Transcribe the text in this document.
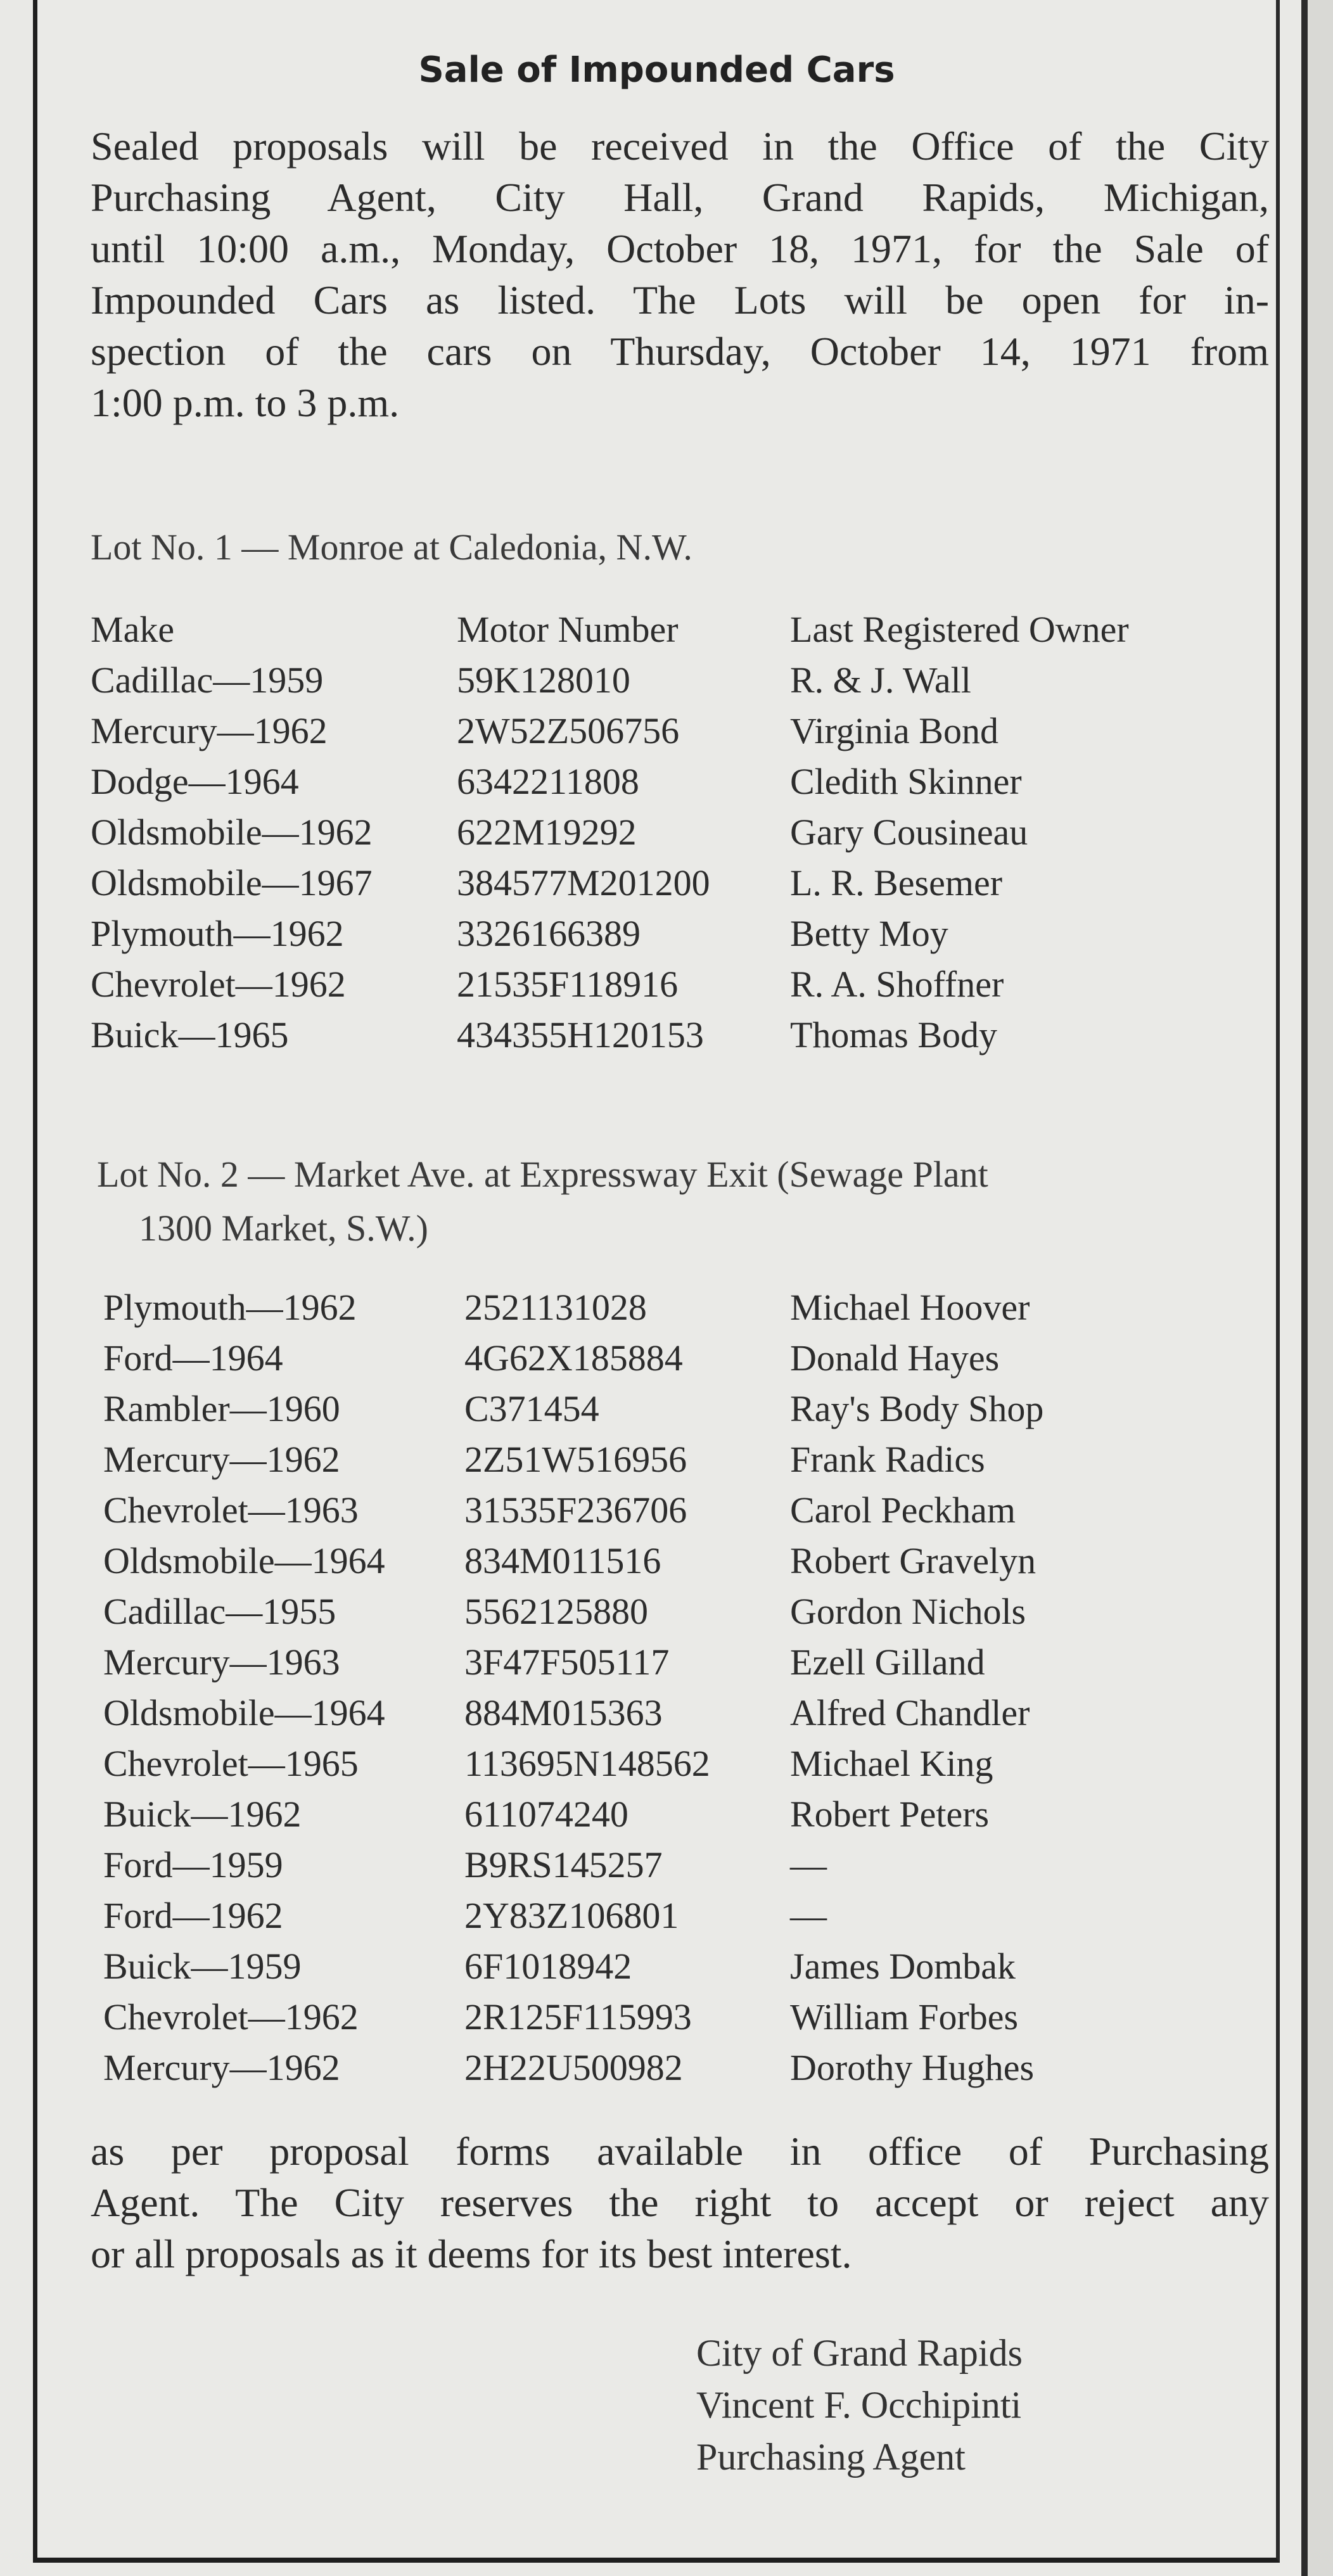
Sale of Impounded Cars
Sealed proposals will be received in the Office of the City
Purchasing Agent, City Hall, Grand Rapids, Michigan,
until 10:00 a.m., Monday, October 18, 1971, for the Sale of
Impounded Cars as listed. The Lots will be open for in-
spection of the cars on Thursday, October 14, 1971 from
1:00 p.m. to 3 p.m.
Lot No. 1 — Monroe at Caledonia, N.W.
Make	Motor Number	Last Registered Owner
Cadillac—1959	59K128010	R. & J. Wall
Mercury—1962	2W52Z506756	Virginia Bond
Dodge—1964	6342211808	Cledith Skinner
Oldsmobile—1962 622M19292	Gary Cousineau
Oldsmobile—1967 384577M201200 L. R. Besemer
Plymouth—1962	3326166389	Betty Moy
Chevrolet—1962	21535F118916	R. A. Shoffner
Buick—1965	434355H120153 Thomas Body
Lot No. 2 — Market Ave. at Expressway Exit (Sewage Plant
1300 Market, S.W.)
Plymouth—1962	2521131028	Michael Hoover
Ford—1964	4G62X185884	Donald Hayes
Rambler—1960	C371454	Ray's Body Shop
Mercury—1962	2Z51W516956	Frank Radics
Chevrolet—1963	31535F236706	Carol Peckham
Oldsmobile—1964 834M011516	Robert Gravelyn
Cadillac—1955	5562125880	Gordon Nichols
Mercury—1963	3F47F505117	Ezell Gilland
Oldsmobile—1964 884M015363	Alfred Chandler
Chevrolet—1965	113695N148562 Michael King
Buick—1962	611074240	Robert Peters
Ford—1959	B9RS145257	—
Ford—1962	2Y83Z106801	—
Buick—1959	6F1018942	James Dombak
Chevrolet—1962	2R125F115993	William Forbes
Mercury—1962	2H22U500982	Dorothy Hughes
as per proposal forms available in office of Purchasing
Agent. The City reserves the right to accept or reject any
or all proposals as it deems for its best interest.
City of Grand Rapids
Vincent F. Occhipinti
Purchasing Agent
